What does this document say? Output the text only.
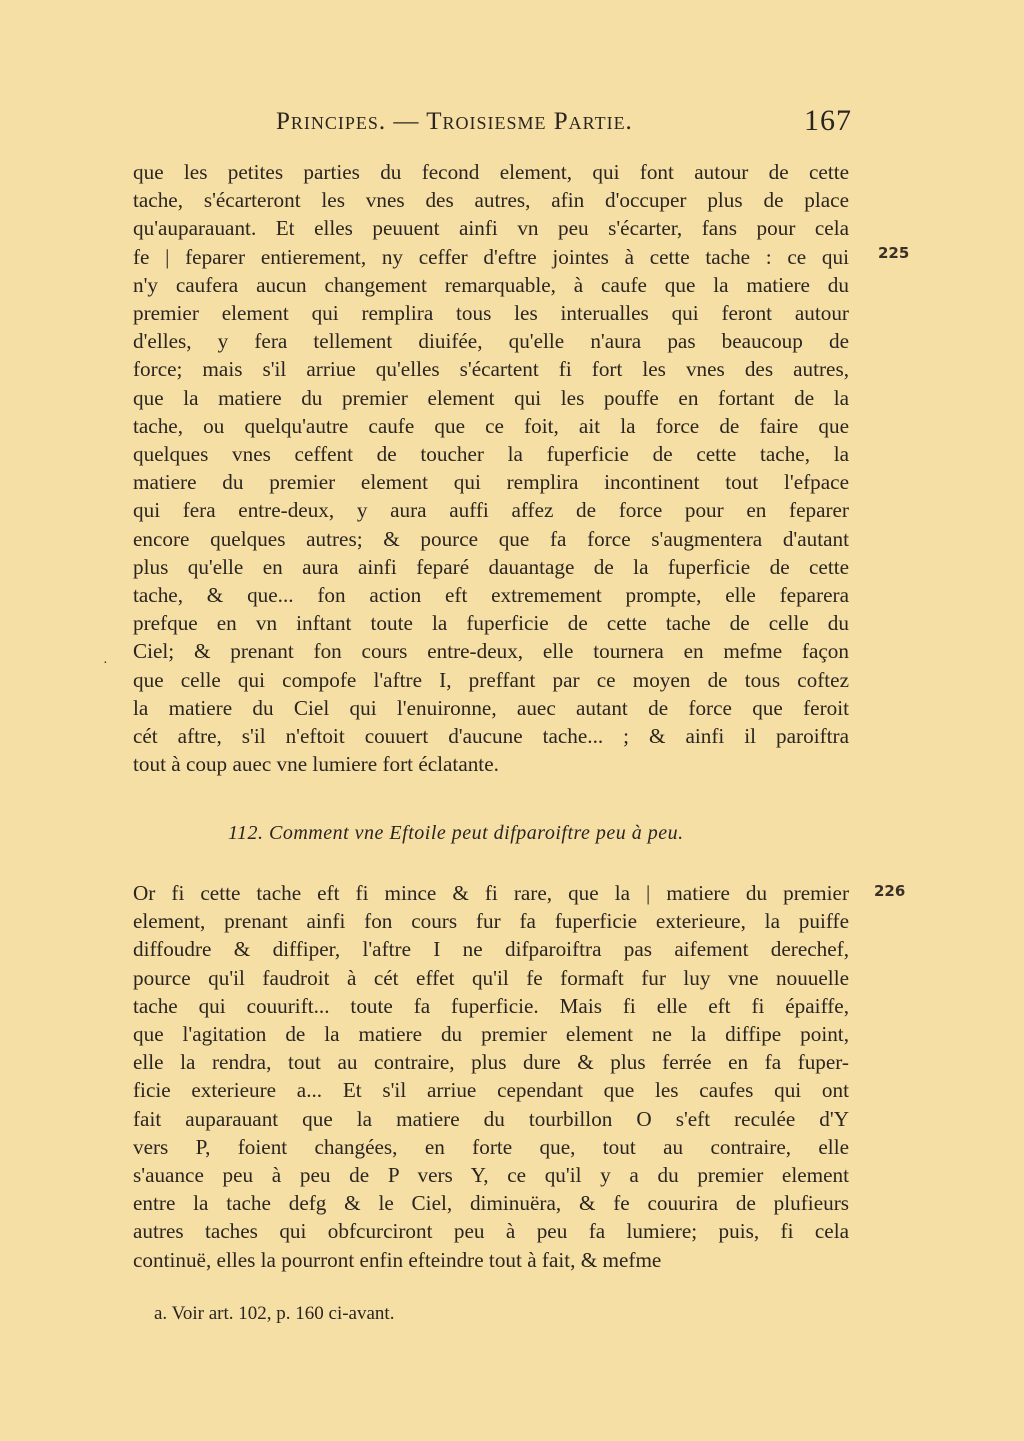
Principes. — Troisiesme Partie.	167
que les petites parties du fecond element, qui font autour de cette
tache, s'écarteront les vnes des autres, afin d'occuper plus de place
qu'auparauant. Et elles peuuent ainfi vn peu s'écarter, fans pour cela
fe | feparer entierement, ny ceffer d'eftre jointes à cette tache : ce qui
n'y caufera aucun changement remarquable, à caufe que la matiere du
premier element qui remplira tous les interualles qui feront autour
d'elles, y fera tellement diuifée, qu'elle n'aura pas beaucoup de
force; mais s'il arriue qu'elles s'écartent fi fort les vnes des autres,
que la matiere du premier element qui les pouffe en fortant de la
tache, ou quelqu'autre caufe que ce foit, ait la force de faire que
quelques vnes ceffent de toucher la fuperficie de cette tache, la
matiere du premier element qui remplira incontinent tout l'efpace
qui fera entre-deux, y aura auffi affez de force pour en feparer
encore quelques autres; & pource que fa force s'augmentera d'autant
plus qu'elle en aura ainfi feparé dauantage de la fuperficie de cette
tache, & que... fon action eft extremement prompte, elle feparera
prefque en vn inftant toute la fuperficie de cette tache de celle du
Ciel; & prenant fon cours entre-deux, elle tournera en mefme façon
que celle qui compofe l'aftre I, preffant par ce moyen de tous coftez
la matiere du Ciel qui l'enuironne, auec autant de force que feroit
cét aftre, s'il n'eftoit couuert d'aucune tache... ; & ainfi il paroiftra
tout à coup auec vne lumiere fort éclatante.
225
·
112. Comment vne Eftoile peut difparoiftre peu à peu.
Or fi cette tache eft fi mince & fi rare, que la | matiere du premier
element, prenant ainfi fon cours fur fa fuperficie exterieure, la puiffe
diffoudre & diffiper, l'aftre I ne difparoiftra pas aifement derechef,
pource qu'il faudroit à cét effet qu'il fe formaft fur luy vne nouuelle
tache qui couurift... toute fa fuperficie. Mais fi elle eft fi épaiffe,
que l'agitation de la matiere du premier element ne la diffipe point,
elle la rendra, tout au contraire, plus dure & plus ferrée en fa fuper-
ficie exterieure a... Et s'il arriue cependant que les caufes qui ont
fait auparauant que la matiere du tourbillon O s'eft reculée d'Y
vers P, foient changées, en forte que, tout au contraire, elle
s'auance peu à peu de P vers Y, ce qu'il y a du premier element
entre la tache defg & le Ciel, diminuëra, & fe couurira de plufieurs
autres taches qui obfcurciront peu à peu fa lumiere; puis, fi cela
continuë, elles la pourront enfin efteindre tout à fait, & mefme
226
a. Voir art. 102, p. 160 ci-avant.
